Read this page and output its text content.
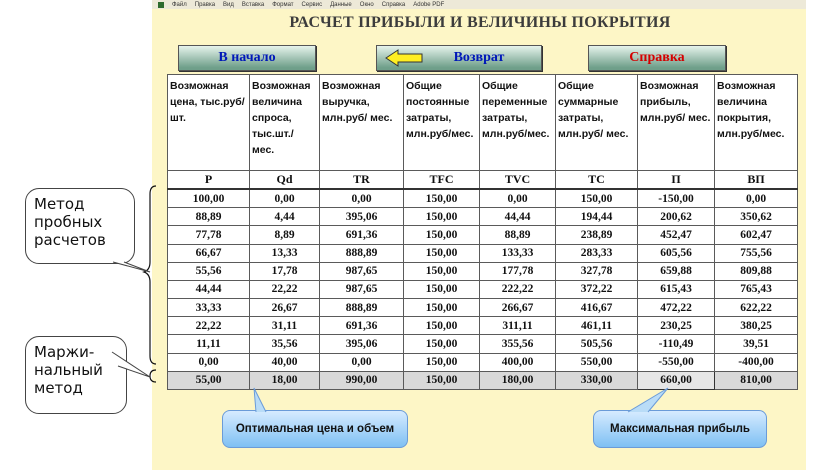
Файл Правка Вид Вставка Формат Сервис Данные Окно Справка Adobe PDF
РАСЧЕТ ПРИБЫЛИ И ВЕЛИЧИНЫ ПОКРЫТИЯ
В начало	Возврат	Справка
Возможная цена, тыс.руб/ шт.	Возможная величина спроса, тыс.шт./ мес.	Возможная выручка, млн.руб/ мес.	Общие постоянные затраты, млн.руб/мес.	Общие переменные затраты, млн.руб/мес.	Общие суммарные затраты, млн.руб/ мес.	Возможная прибыль, млн.руб/ мес.	Возможная величина покрытия, млн.руб/мес.
P	Qd	TR	TFC	TVC	TC	П	ВП
100,00	0,00	0,00	150,00	0,00	150,00	-150,00	0,00
88,89	4,44	395,06	150,00	44,44	194,44	200,62	350,62
77,78	8,89	691,36	150,00	88,89	238,89	452,47	602,47
66,67	13,33	888,89	150,00	133,33	283,33	605,56	755,56
55,56	17,78	987,65	150,00	177,78	327,78	659,88	809,88
44,44	22,22	987,65	150,00	222,22	372,22	615,43	765,43
33,33	26,67	888,89	150,00	266,67	416,67	472,22	622,22
22,22	31,11	691,36	150,00	311,11	461,11	230,25	380,25
11,11	35,56	395,06	150,00	355,56	505,56	-110,49	39,51
0,00	40,00	0,00	150,00	400,00	550,00	-550,00	-400,00
55,00	18,00	990,00	150,00	180,00	330,00	660,00	810,00
Метод пробных расчетов
Маржи-нальный метод
Оптимальная цена и объем	Максимальная прибыль
